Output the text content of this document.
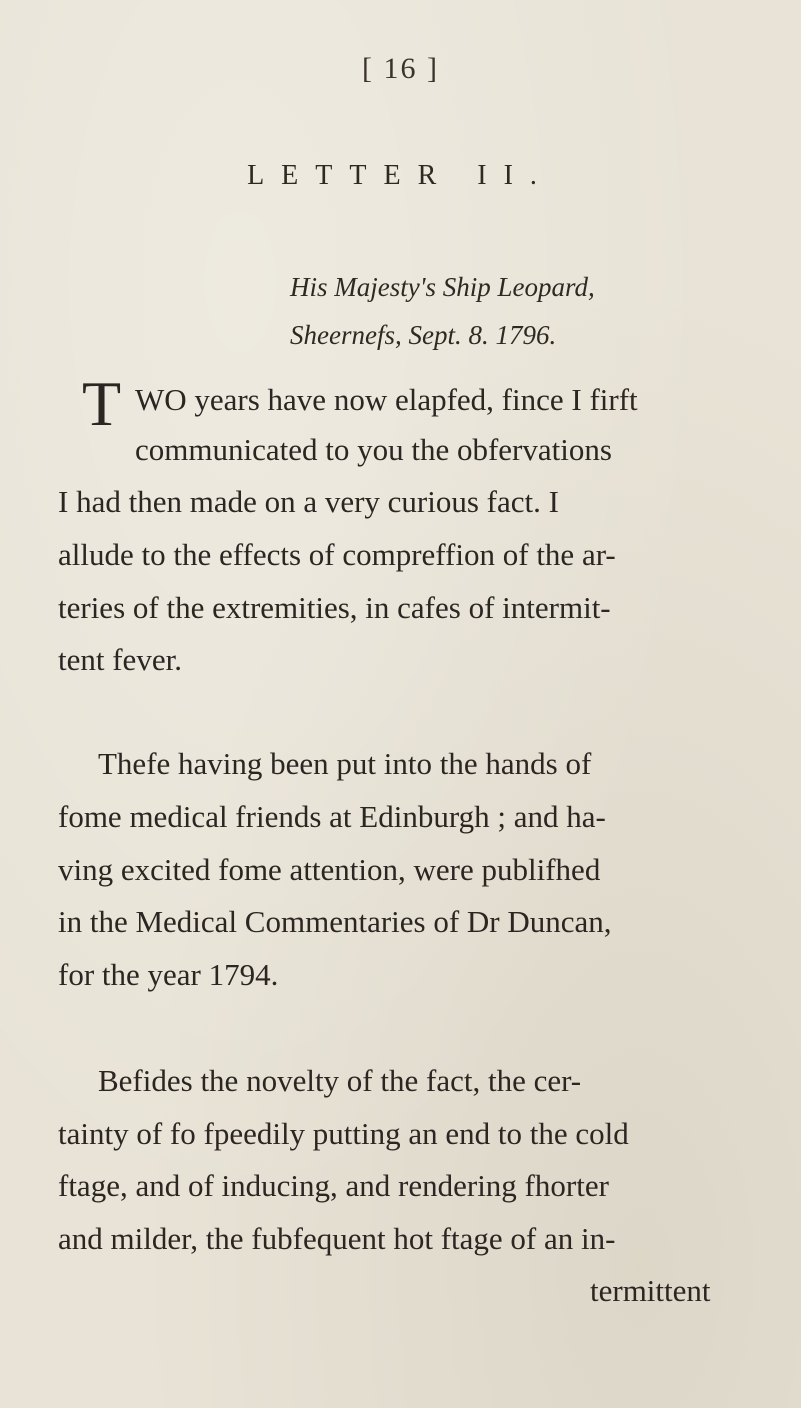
[ 16 ]
LETTER II.
His Majesty's Ship Leopard,
Sheernefs, Sept. 8. 1796.
T WO years have now elapfed, fince I firft
communicated to you the obfervations
I had then made on a very curious fact. I
allude to the effects of compreffion of the ar-
teries of the extremities, in cafes of intermit-
tent fever.
Thefe having been put into the hands of
fome medical friends at Edinburgh ; and ha-
ving excited fome attention, were publifhed
in the Medical Commentaries of Dr Duncan,
for the year 1794.
Befides the novelty of the fact, the cer-
tainty of fo fpeedily putting an end to the cold
ftage, and of inducing, and rendering fhorter
and milder, the fubfequent hot ftage of an in-
termittent
